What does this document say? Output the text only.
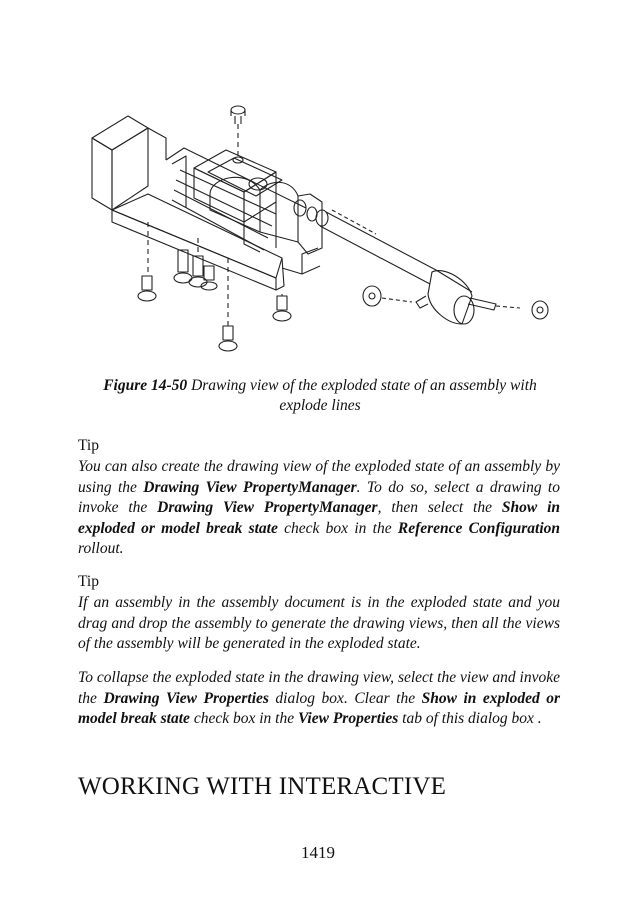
Figure 14-50 Drawing view of the exploded state of an assembly with explode lines
Tip
You can also create the drawing view of the exploded state of an assembly by using the Drawing View PropertyManager. To do so, select a drawing to invoke the Drawing View PropertyManager, then select the Show in exploded or model break state check box in the Reference Configuration rollout.
Tip
If an assembly in the assembly document is in the exploded state and you drag and drop the assembly to generate the drawing views, then all the views of the assembly will be generated in the exploded state.
To collapse the exploded state in the drawing view, select the view and invoke the Drawing View Properties dialog box. Clear the Show in exploded or model break state check box in the View Properties tab of this dialog box .
WORKING WITH INTERACTIVE
1419
